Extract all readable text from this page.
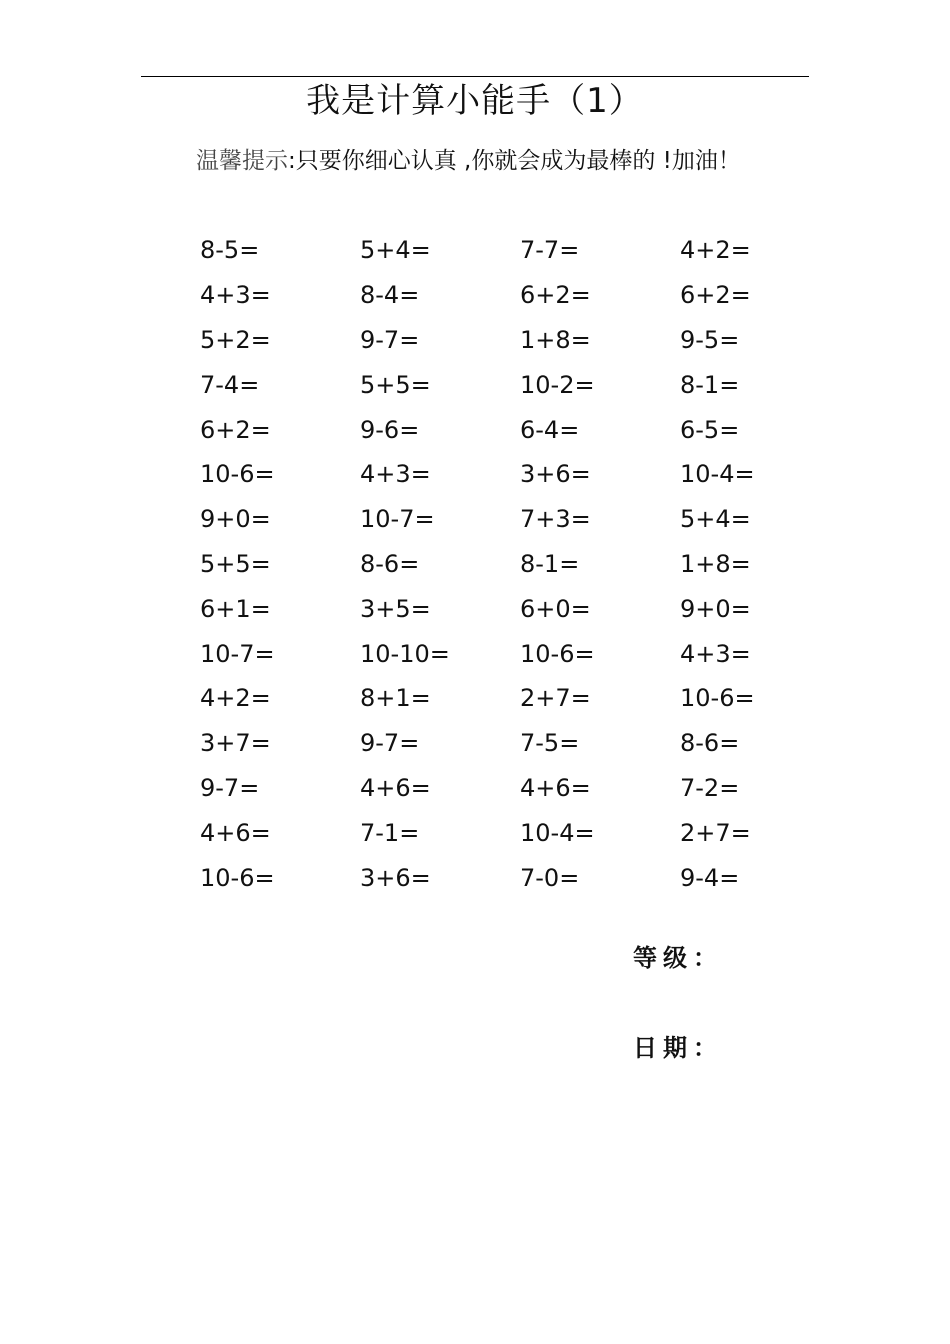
我是计算小能手（1）
温馨提示:只要你细心认真 ,你就会成为最棒的 !加油！
8-5=	5+4=	7-7=	4+2=
4+3=	8-4=	6+2=	6+2=
5+2=	9-7=	1+8=	9-5=
7-4=	5+5=	10-2=	8-1=
6+2=	9-6=	6-4=	6-5=
10-6=	4+3=	3+6=	10-4=
9+0=	10-7=	7+3=	5+4=
5+5=	8-6=	8-1=	1+8=
6+1=	3+5=	6+0=	9+0=
10-7=	10-10=	10-6=	4+3=
4+2=	8+1=	2+7=	10-6=
3+7=	9-7=	7-5=	8-6=
9-7=	4+6=	4+6=	7-2=
4+6=	7-1=	10-4=	2+7=
10-6=	3+6=	7-0=	9-4=
等级：
日期：
